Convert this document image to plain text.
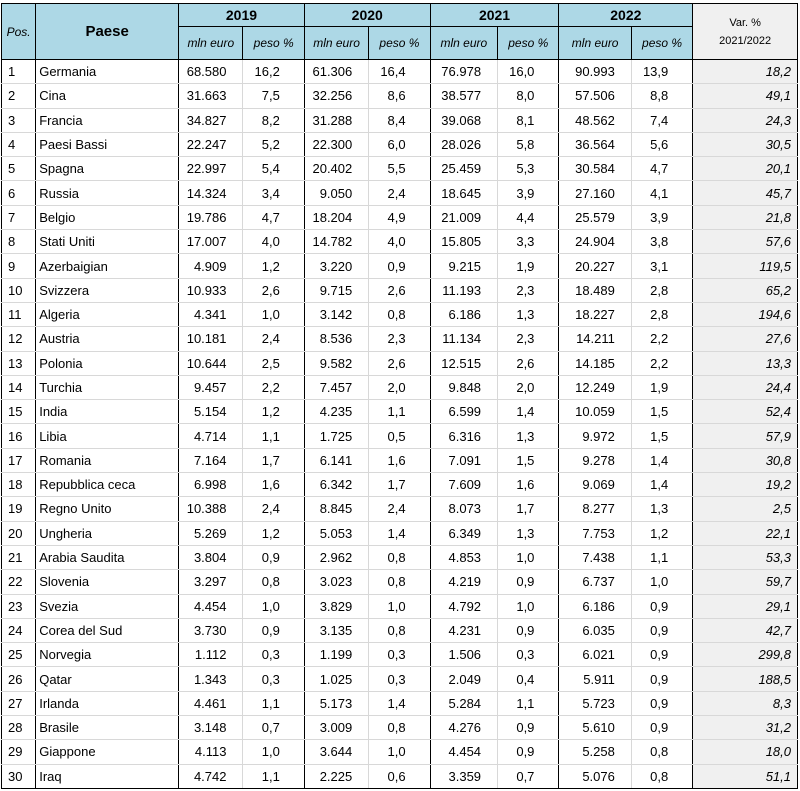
Pos.	Paese	2019		2020		2021		2022		Var. %
2021/2022

		mln euro	peso %	mln euro	peso %	mln euro	peso %	mln euro	peso %	
1	Germania	68.580	16,2	61.306	16,4	76.978	16,0	90.993	13,9	18,2
2	Cina	31.663	7,5	32.256	8,6	38.577	8,0	57.506	8,8	49,1
3	Francia	34.827	8,2	31.288	8,4	39.068	8,1	48.562	7,4	24,3
4	Paesi Bassi	22.247	5,2	22.300	6,0	28.026	5,8	36.564	5,6	30,5
5	Spagna	22.997	5,4	20.402	5,5	25.459	5,3	30.584	4,7	20,1
6	Russia	14.324	3,4	9.050	2,4	18.645	3,9	27.160	4,1	45,7
7	Belgio	19.786	4,7	18.204	4,9	21.009	4,4	25.579	3,9	21,8
8	Stati Uniti	17.007	4,0	14.782	4,0	15.805	3,3	24.904	3,8	57,6
9	Azerbaigian	4.909	1,2	3.220	0,9	9.215	1,9	20.227	3,1	119,5
10	Svizzera	10.933	2,6	9.715	2,6	11.193	2,3	18.489	2,8	65,2
11	Algeria	4.341	1,0	3.142	0,8	6.186	1,3	18.227	2,8	194,6
12	Austria	10.181	2,4	8.536	2,3	11.134	2,3	14.211	2,2	27,6
13	Polonia	10.644	2,5	9.582	2,6	12.515	2,6	14.185	2,2	13,3
14	Turchia	9.457	2,2	7.457	2,0	9.848	2,0	12.249	1,9	24,4
15	India	5.154	1,2	4.235	1,1	6.599	1,4	10.059	1,5	52,4
16	Libia	4.714	1,1	1.725	0,5	6.316	1,3	9.972	1,5	57,9
17	Romania	7.164	1,7	6.141	1,6	7.091	1,5	9.278	1,4	30,8
18	Repubblica ceca	6.998	1,6	6.342	1,7	7.609	1,6	9.069	1,4	19,2
19	Regno Unito	10.388	2,4	8.845	2,4	8.073	1,7	8.277	1,3	2,5
20	Ungheria	5.269	1,2	5.053	1,4	6.349	1,3	7.753	1,2	22,1
21	Arabia Saudita	3.804	0,9	2.962	0,8	4.853	1,0	7.438	1,1	53,3
22	Slovenia	3.297	0,8	3.023	0,8	4.219	0,9	6.737	1,0	59,7
23	Svezia	4.454	1,0	3.829	1,0	4.792	1,0	6.186	0,9	29,1
24	Corea del Sud	3.730	0,9	3.135	0,8	4.231	0,9	6.035	0,9	42,7
25	Norvegia	1.112	0,3	1.199	0,3	1.506	0,3	6.021	0,9	299,8
26	Qatar	1.343	0,3	1.025	0,3	2.049	0,4	5.911	0,9	188,5
27	Irlanda	4.461	1,1	5.173	1,4	5.284	1,1	5.723	0,9	8,3
28	Brasile	3.148	0,7	3.009	0,8	4.276	0,9	5.610	0,9	31,2
29	Giappone	4.113	1,0	3.644	1,0	4.454	0,9	5.258	0,8	18,0
30	Iraq	4.742	1,1	2.225	0,6	3.359	0,7	5.076	0,8	51,1
